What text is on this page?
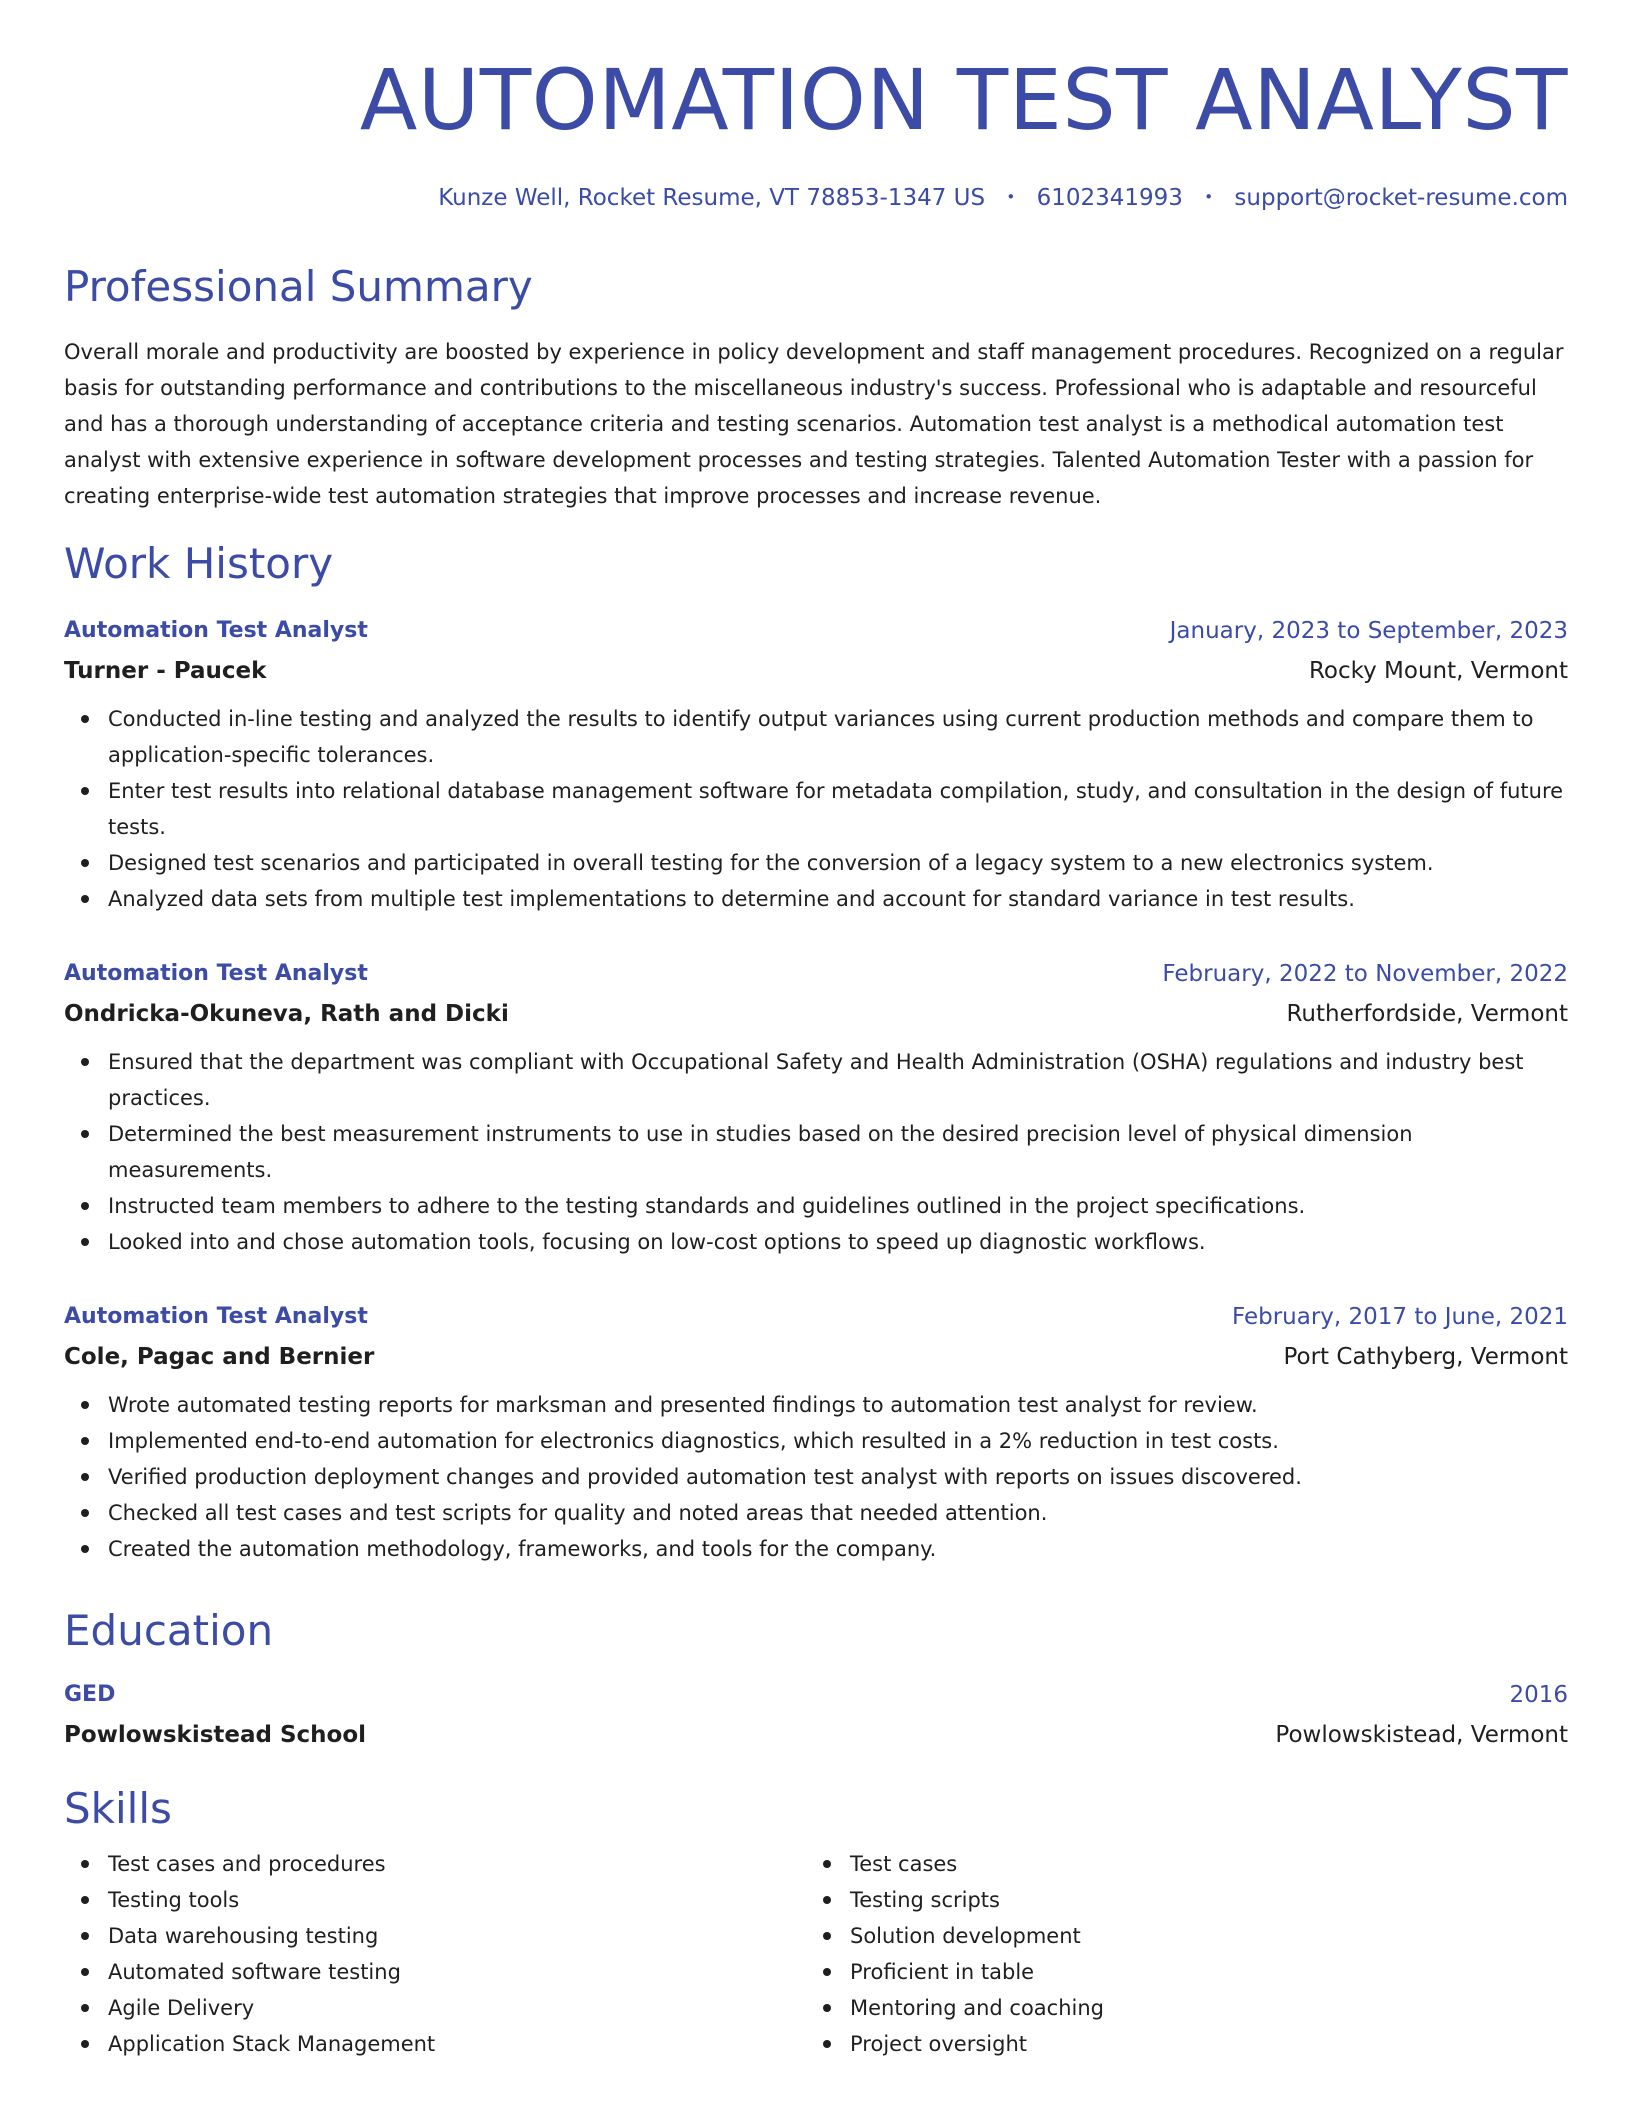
AUTOMATION TEST ANALYST
Kunze Well, Rocket Resume, VT 78853-1347 US • 6102341993 • support@rocket-resume.com
Professional Summary

Overall morale and productivity are boosted by experience in policy development and staff management procedures. Recognized on a regular basis for outstanding performance and contributions to the miscellaneous industry's success. Professional who is adaptable and resourceful and has a thorough understanding of acceptance criteria and testing scenarios. Automation test analyst is a methodical automation test analyst with extensive experience in software development processes and testing strategies. Talented Automation Tester with a passion for creating enterprise-wide test automation strategies that improve processes and increase revenue.

Work History
Automation Test Analyst	January, 2023 to September, 2023
Turner - Paucek	Rocky Mount, Vermont
Conducted in-line testing and analyzed the results to identify output variances using current production methods and compare them to application-specific tolerances.
Enter test results into relational database management software for metadata compilation, study, and consultation in the design of future tests.
Designed test scenarios and participated in overall testing for the conversion of a legacy system to a new electronics system.
Analyzed data sets from multiple test implementations to determine and account for standard variance in test results.
Automation Test Analyst	February, 2022 to November, 2022
Ondricka-Okuneva, Rath and Dicki	Rutherfordside, Vermont
Ensured that the department was compliant with Occupational Safety and Health Administration (OSHA) regulations and industry best practices.
Determined the best measurement instruments to use in studies based on the desired precision level of physical dimension measurements.
Instructed team members to adhere to the testing standards and guidelines outlined in the project specifications.
Looked into and chose automation tools, focusing on low-cost options to speed up diagnostic workflows.
Automation Test Analyst	February, 2017 to June, 2021
Cole, Pagac and Bernier	Port Cathyberg, Vermont
Wrote automated testing reports for marksman and presented findings to automation test analyst for review.
Implemented end-to-end automation for electronics diagnostics, which resulted in a 2% reduction in test costs.
Verified production deployment changes and provided automation test analyst with reports on issues discovered.
Checked all test cases and test scripts for quality and noted areas that needed attention.
Created the automation methodology, frameworks, and tools for the company.
Education
GED	2016
Powlowskistead School	Powlowskistead, Vermont
Skills
Test cases and procedures
Testing tools
Data warehousing testing
Automated software testing
Agile Delivery
Application Stack Management
Test cases
Testing scripts
Solution development
Proficient in table
Mentoring and coaching
Project oversight
